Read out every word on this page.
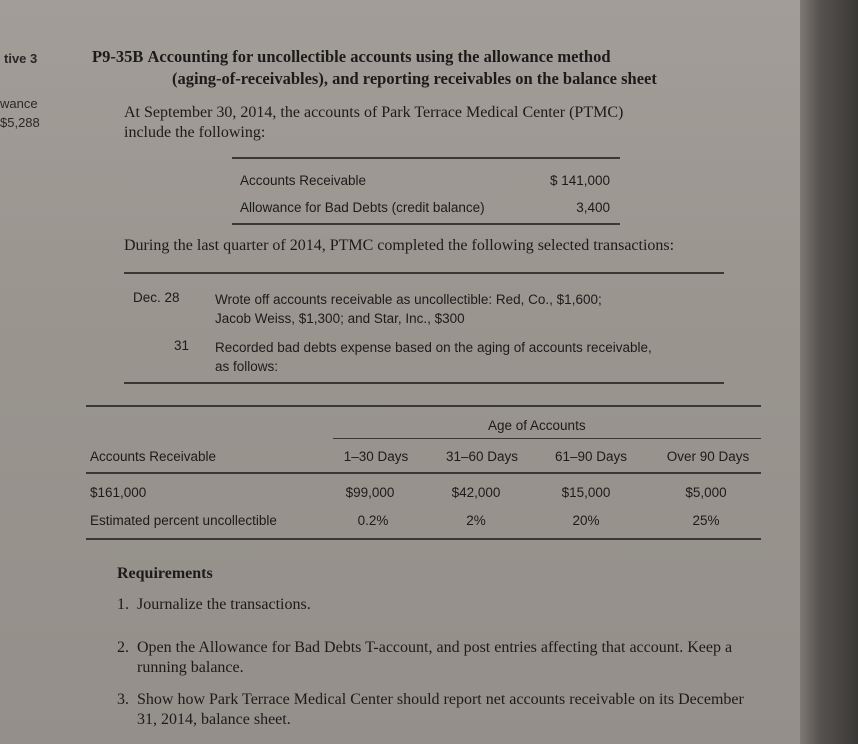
tive 3
wance
$5,288
P9-35B Accounting for uncollectible accounts using the allowance method
(aging-of-receivables), and reporting receivables on the balance sheet
At September 30, 2014, the accounts of Park Terrace Medical Center (PTMC)
include the following:
Accounts Receivable	$ 141,000
Allowance for Bad Debts (credit balance)	3,400
During the last quarter of 2014, PTMC completed the following selected transactions:
Dec. 28	Wrote off accounts receivable as uncollectible: Red, Co., $1,600;
Jacob Weiss, $1,300; and Star, Inc., $300
31 Recorded bad debts expense based on the aging of accounts receivable,
as follows:
Age of Accounts
Accounts Receivable	1–30 Days	31–60 Days	61–90 Days	Over 90 Days
$161,000	$99,000	$42,000	$15,000	$5,000
Estimated percent uncollectible	0.2%	2%	20%	25%
Requirements
1. Journalize the transactions.
2. Open the Allowance for Bad Debts T-account, and post entries affecting that account. Keep a running balance.
3. Show how Park Terrace Medical Center should report net accounts receivable on its December 31, 2014, balance sheet.
